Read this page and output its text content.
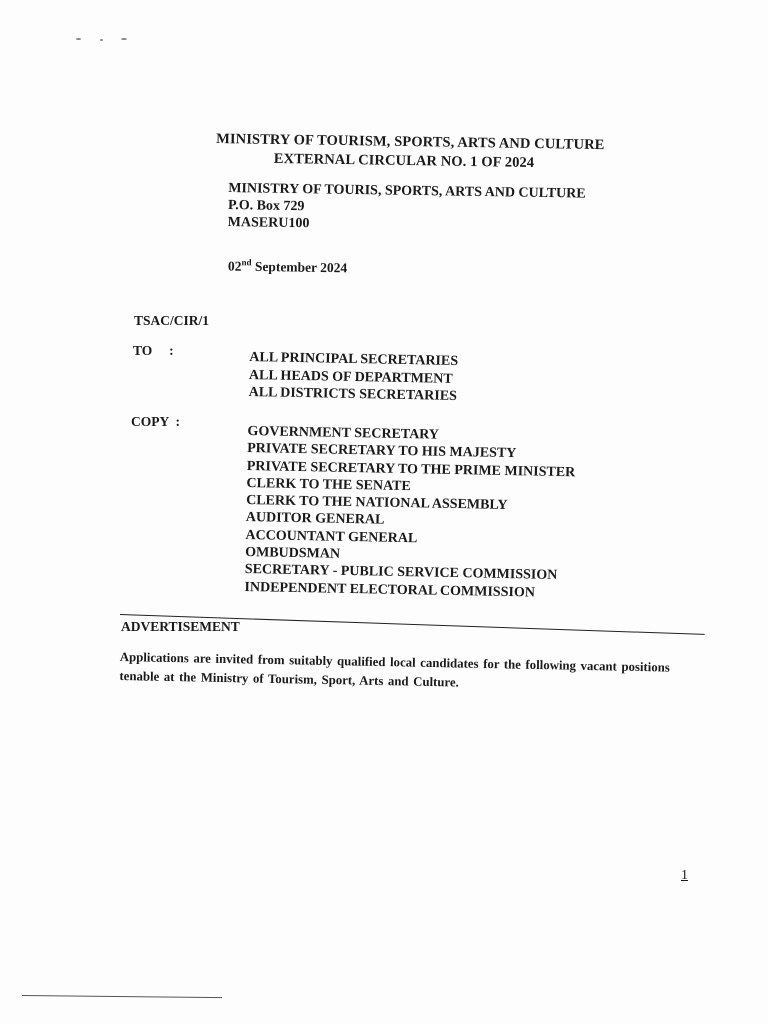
MINISTRY OF TOURISM, SPORTS, ARTS AND CULTURE
EXTERNAL CIRCULAR NO. 1 OF 2024
MINISTRY OF TOURIS, SPORTS, ARTS AND CULTURE
P.O. Box 729
MASERU100
02nd September 2024
TSAC/CIR/1
TO     :	ALL PRINCIPAL SECRETARIES
ALL HEADS OF DEPARTMENT
ALL DISTRICTS SECRETARIES
COPY  :
GOVERNMENT SECRETARY
PRIVATE SECRETARY TO HIS MAJESTY
PRIVATE SECRETARY TO THE PRIME MINISTER
CLERK TO THE SENATE
CLERK TO THE NATIONAL ASSEMBLY
AUDITOR GENERAL
ACCOUNTANT GENERAL
OMBUDSMAN
SECRETARY - PUBLIC SERVICE COMMISSION
INDEPENDENT ELECTORAL COMMISSION
ADVERTISEMENT
Applications are invited from suitably qualified local candidates for the following vacant positions tenable at the Ministry of Tourism, Sport, Arts and Culture.
1
